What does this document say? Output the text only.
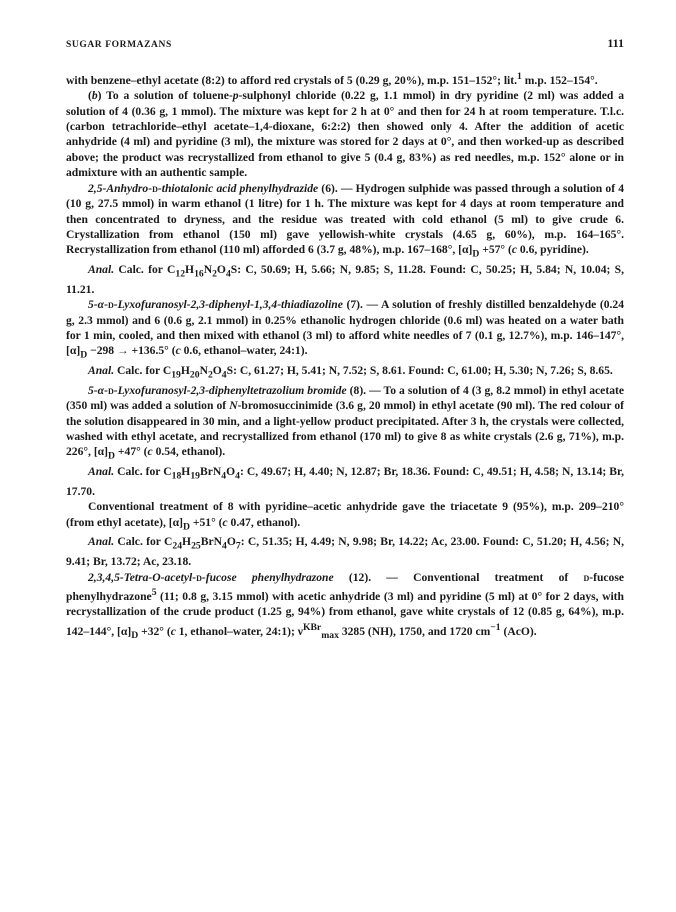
SUGAR FORMAZANS	111

with benzene–ethyl acetate (8:2) to afford red crystals of 5 (0.29 g, 20%), m.p. 151–152°; lit.$^1$ m.p. 152–154°.

(b) To a solution of toluene-p-sulphonyl chloride (0.22 g, 1.1 mmol) in dry pyridine (2 ml) was added a solution of 4 (0.36 g, 1 mmol). The mixture was kept for 2 h at 0° and then for 24 h at room temperature. T.l.c. (carbon tetrachloride–ethyl acetate–1,4-dioxane, 6:2:2) then showed only 4. After the addition of acetic anhydride (4 ml) and pyridine (3 ml), the mixture was stored for 2 days at 0°, and then worked-up as described above; the product was recrystallized from ethanol to give 5 (0.4 g, 83%) as red needles, m.p. 152° alone or in admixture with an authentic sample.

2,5-Anhydro-d-thiotalonic acid phenylhydrazide (6). — Hydrogen sulphide was passed through a solution of 4 (10 g, 27.5 mmol) in warm ethanol (1 litre) for 1 h. The mixture was kept for 4 days at room temperature and then concentrated to dryness, and the residue was treated with cold ethanol (5 ml) to give crude 6. Crystallization from ethanol (150 ml) gave yellowish-white crystals (4.65 g, 60%), m.p. 164–165°. Recrystallization from ethanol (110 ml) afforded 6 (3.7 g, 48%), m.p. 167–168°, $[\alpha]_D +57^\circ$ (c 0.6, pyridine).

Anal. Calc. for $C_{12}H_{16}N_2O_4S$: C, 50.69; H, 5.66; N, 9.85; S, 11.28. Found: C, 50.25; H, 5.84; N, 10.04; S, 11.21.

5-α-d-Lyxofuranosyl-2,3-diphenyl-1,3,4-thiadiazoline (7). — A solution of freshly distilled benzaldehyde (0.24 g, 2.3 mmol) and 6 (0.6 g, 2.1 mmol) in 0.25% ethanolic hydrogen chloride (0.6 ml) was heated on a water bath for 1 min, cooled, and then mixed with ethanol (3 ml) to afford white needles of 7 (0.1 g, 12.7%), m.p. 146–147°, $[\alpha]_D -298 \to +136.5^\circ$ (c 0.6, ethanol–water, 24:1).

Anal. Calc. for $C_{19}H_{20}N_2O_4S$: C, 61.27; H, 5.41; N, 7.52; S, 8.61. Found: C, 61.00; H, 5.30; N, 7.26; S, 8.65.

5-α-d-Lyxofuranosyl-2,3-diphenyltetrazolium bromide (8). — To a solution of 4 (3 g, 8.2 mmol) in ethyl acetate (350 ml) was added a solution of N-bromosuccinimide (3.6 g, 20 mmol) in ethyl acetate (90 ml). The red colour of the solution disappeared in 30 min, and a light-yellow product precipitated. After 3 h, the crystals were collected, washed with ethyl acetate, and recrystallized from ethanol (170 ml) to give 8 as white crystals (2.6 g, 71%), m.p. 226°, $[\alpha]_D +47^\circ$ (c 0.54, ethanol).

Anal. Calc. for $C_{18}H_{19}BrN_4O_4$: C, 49.67; H, 4.40; N, 12.87; Br, 18.36. Found: C, 49.51; H, 4.58; N, 13.14; Br, 17.70.

Conventional treatment of 8 with pyridine–acetic anhydride gave the triacetate 9 (95%), m.p. 209–210° (from ethyl acetate), $[\alpha]_D +51^\circ$ (c 0.47, ethanol).

Anal. Calc. for $C_{24}H_{25}BrN_4O_7$: C, 51.35; H, 4.49; N, 9.98; Br, 14.22; Ac, 23.00. Found: C, 51.20; H, 4.56; N, 9.41; Br, 13.72; Ac, 23.18.

2,3,4,5-Tetra-O-acetyl-d-fucose phenylhydrazone (12). — Conventional treatment of d-fucose phenylhydrazone$^5$ (11; 0.8 g, 3.15 mmol) with acetic anhydride (3 ml) and pyridine (5 ml) at 0° for 2 days, with recrystallization of the crude product (1.25 g, 94%) from ethanol, gave white crystals of 12 (0.85 g, 64%), m.p. 142–144°, $[\alpha]_D +32^\circ$ (c 1, ethanol–water, 24:1); $\nu^{KBr}_{max}$ 3285 (NH), 1750, and 1720 $cm^{-1}$ (AcO).
